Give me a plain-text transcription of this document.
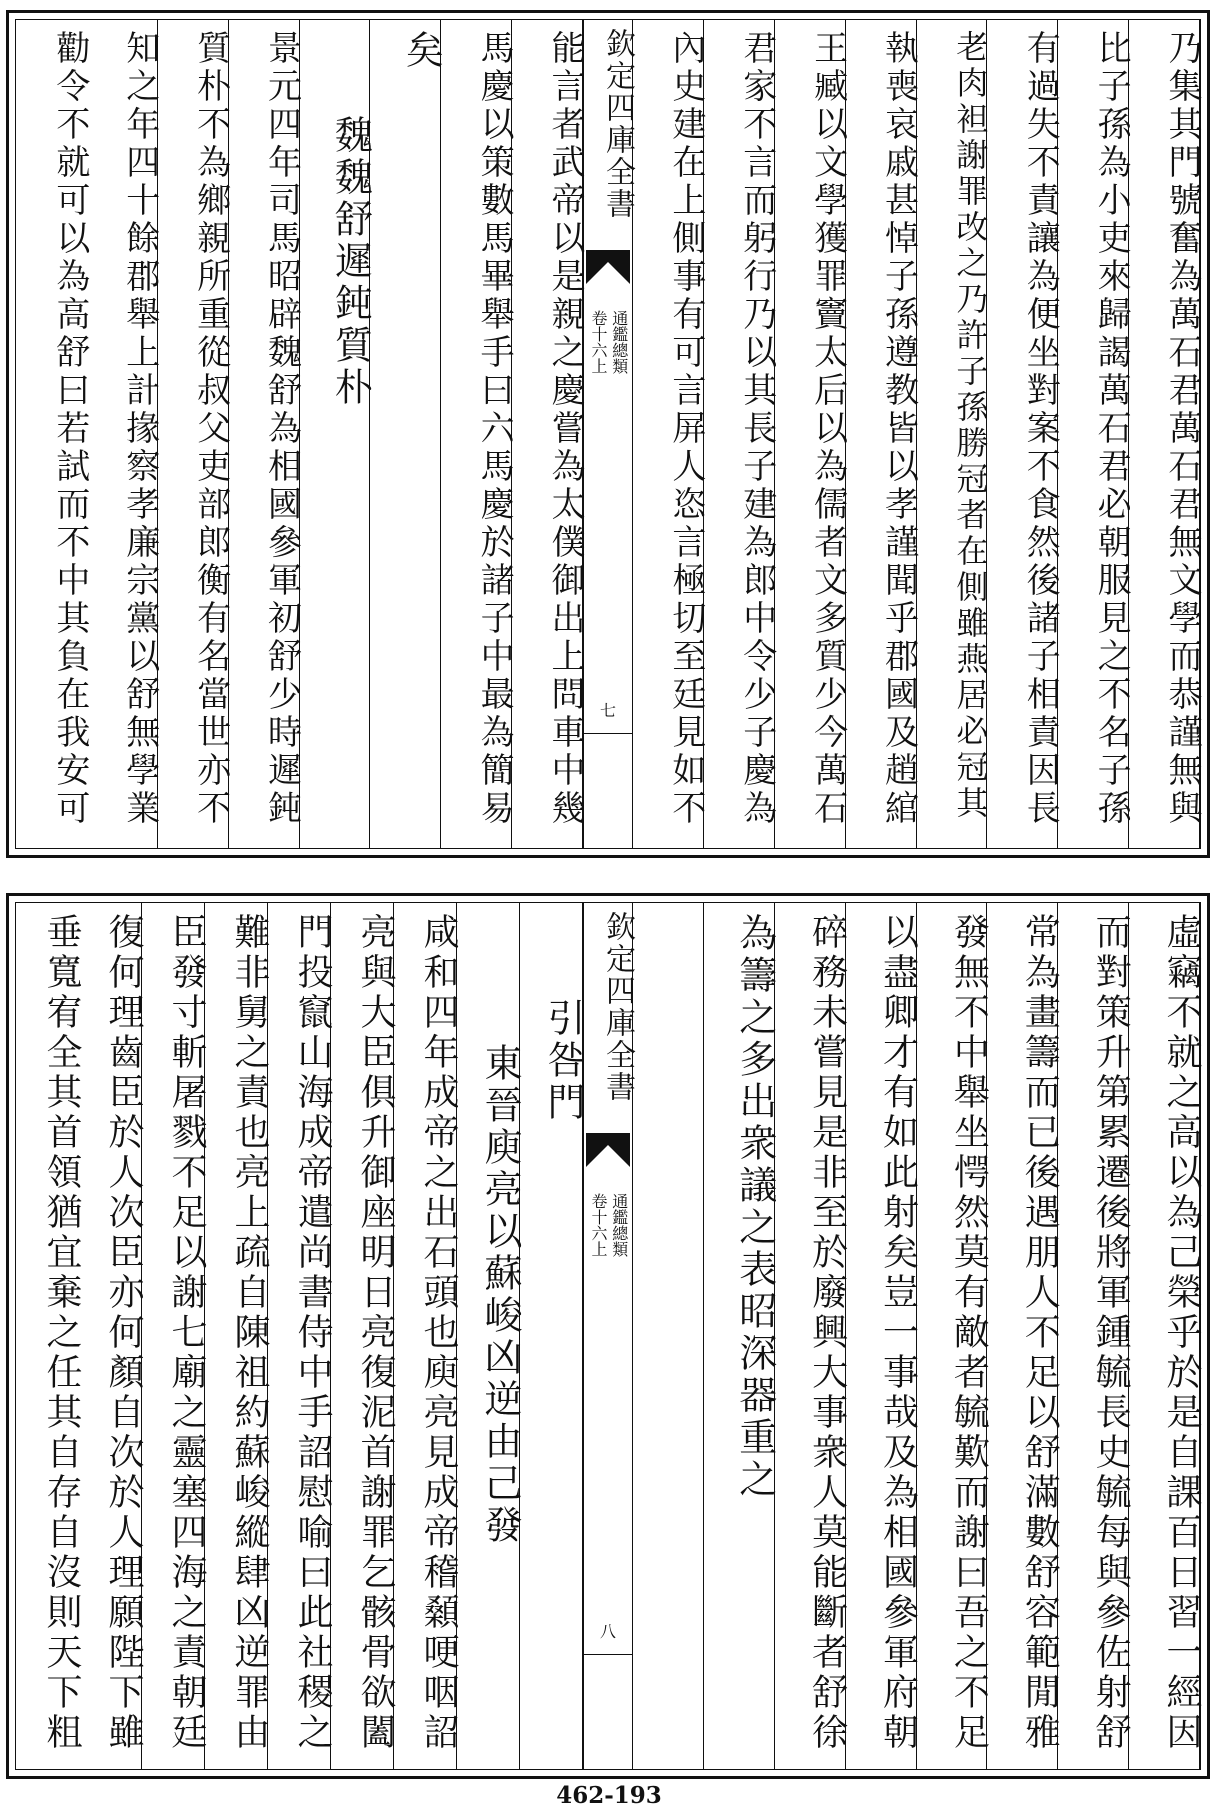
乃集其門號奮為萬石君萬石君無文學而恭謹無與
比子孫為小吏來歸謁萬石君必朝服見之不名子孫
有過失不責讓為便坐對案不食然後諸子相責因長
老肉袒謝罪改之乃許子孫勝冠者在側雖燕居必冠其
執喪哀戚甚悼子孫遵教皆以孝謹聞乎郡國及趙綰
王臧以文學獲罪竇太后以為儒者文多質少今萬石
君家不言而躬行乃以其長子建為郎中令少子慶為
內史建在上側事有可言屏人恣言極切至廷見如不
能言者武帝以是親之慶嘗為太僕御出上問車中幾
馬慶以策數馬畢舉手曰六馬慶於諸子中最為簡易
矣
魏魏舒遲鈍質朴
景元四年司馬昭辟魏舒為相國參軍初舒少時遲鈍
質朴不為鄉親所重從叔父吏部郎衡有名當世亦不
知之年四十餘郡舉上計掾察孝廉宗黨以舒無學業
勸令不就可以為高舒曰若試而不中其負在我安可	欽定四庫全書
通鑑總類
卷十六上
七
虛竊不就之高以為己榮乎於是自課百日習一經因
而對策升第累遷後將軍鍾毓長史毓每與參佐射舒
常為畫籌而已後遇朋人不足以舒滿數舒容範閒雅
發無不中舉坐愕然莫有敵者毓歎而謝曰吾之不足
以盡卿才有如此射矣豈一事哉及為相國參軍府朝
碎務未嘗見是非至於廢興大事衆人莫能斷者舒徐
為籌之多出衆議之表昭深器重之
引咎門
東晉庾亮以蘇峻凶逆由己發
咸和四年成帝之出石頭也庾亮見成帝稽顙哽咽詔
亮與大臣俱升御座明日亮復泥首謝罪乞骸骨欲闔
門投竄山海成帝遣尚書侍中手詔慰喻曰此社稷之
難非舅之責也亮上疏自陳祖約蘇峻縱肆凶逆罪由
臣發寸斬屠戮不足以謝七廟之靈塞四海之責朝廷
復何理齒臣於人次臣亦何顏自次於人理願陛下雖
垂寬宥全其首領猶宜棄之任其自存自沒則天下粗	欽定四庫全書
通鑑總類
卷十六上
八
462-193
